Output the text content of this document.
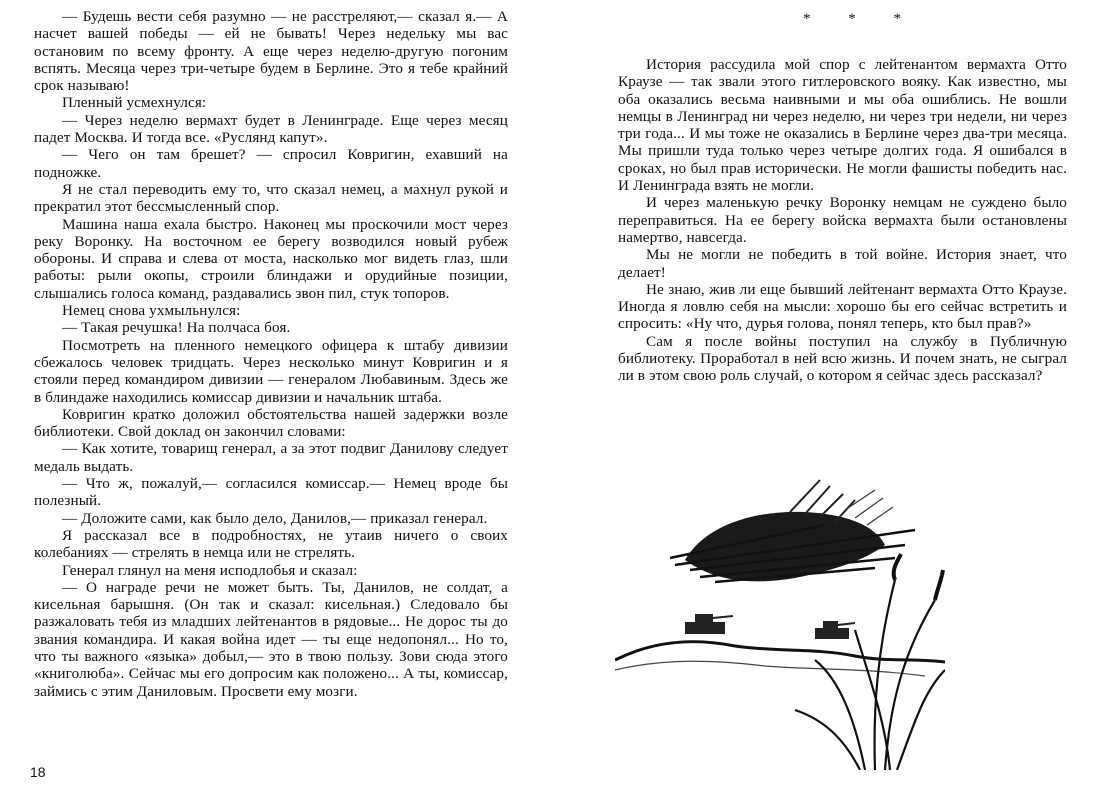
— Будешь вести себя разумно — не расстреляют,— сказал я.— А насчет вашей победы — ей не бывать! Через недельку мы вас остановим по всему фронту. А еще через неделю-другую погоним вспять. Месяца через три-четыре будем в Берлине. Это я тебе крайний срок называю!

Пленный усмехнулся:

— Через неделю вермахт будет в Ленинграде. Еще через месяц падет Москва. И тогда все. «Руслянд капут».

— Чего он там брешет? — спросил Ковригин, ехавший на подножке.

Я не стал переводить ему то, что сказал немец, а махнул рукой и прекратил этот бессмысленный спор.

Машина наша ехала быстро. Наконец мы проскочили мост через реку Воронку. На восточном ее берегу возводился новый рубеж обороны. И справа и слева от моста, насколько мог видеть глаз, шли работы: рыли окопы, строили блиндажи и орудийные позиции, слышались голоса команд, раздавались звон пил, стук топоров.

Немец снова ухмыльнулся:

— Такая речушка! На полчаса боя.

Посмотреть на пленного немецкого офицера к штабу дивизии сбежалось человек тридцать. Через несколько минут Ковригин и я стояли перед командиром дивизии — генералом Любавиным. Здесь же в блиндаже находились комиссар дивизии и начальник штаба.

Ковригин кратко доложил обстоятельства нашей задержки возле библиотеки. Свой доклад он закончил словами:

— Как хотите, товарищ генерал, а за этот подвиг Данилову следует медаль выдать.

— Что ж, пожалуй,— согласился комиссар.— Немец вроде бы полезный.

— Доложите сами, как было дело, Данилов,— приказал генерал.

Я рассказал все в подробностях, не утаив ничего о своих колебаниях — стрелять в немца или не стрелять.

Генерал глянул на меня исподлобья и сказал:

— О награде речи не может быть. Ты, Данилов, не солдат, а кисельная барышня. (Он так и сказал: кисельная.) Следовало бы разжаловать тебя из младших лейтенантов в рядовые... Не дорос ты до звания командира. И какая война идет — ты еще недопонял... Но то, что ты важного «языка» добыл,— это в твою пользу. Зови сюда этого «книголюба». Сейчас мы его допросим как положено... А ты, комиссар, займись с этим Даниловым. Просвети ему мозги.

18
* * *

История рассудила мой спор с лейтенантом вермахта Отто Краузе — так звали этого гитлеровского вояку. Как известно, мы оба оказались весьма наивными и мы оба ошиблись. Не вошли немцы в Ленинград ни через неделю, ни через три недели, ни через три года... И мы тоже не оказались в Берлине через два-три месяца. Мы пришли туда только через четыре долгих года. Я ошибался в сроках, но был прав исторически. Не могли фашисты победить нас. И Ленинграда взять не могли.

И через маленькую речку Воронку немцам не суждено было переправиться. На ее берегу войска вермахта были остановлены намертво, навсегда.

Мы не могли не победить в той войне. История знает, что делает!

Не знаю, жив ли еще бывший лейтенант вермахта Отто Краузе. Иногда я ловлю себя на мысли: хорошо бы его сейчас встретить и спросить: «Ну что, дурья голова, понял теперь, кто был прав?»

Сам я после войны поступил на службу в Публичную библиотеку. Проработал в ней всю жизнь. И почем знать, не сыграл ли в этом свою роль случай, о котором я сейчас здесь рассказал?
